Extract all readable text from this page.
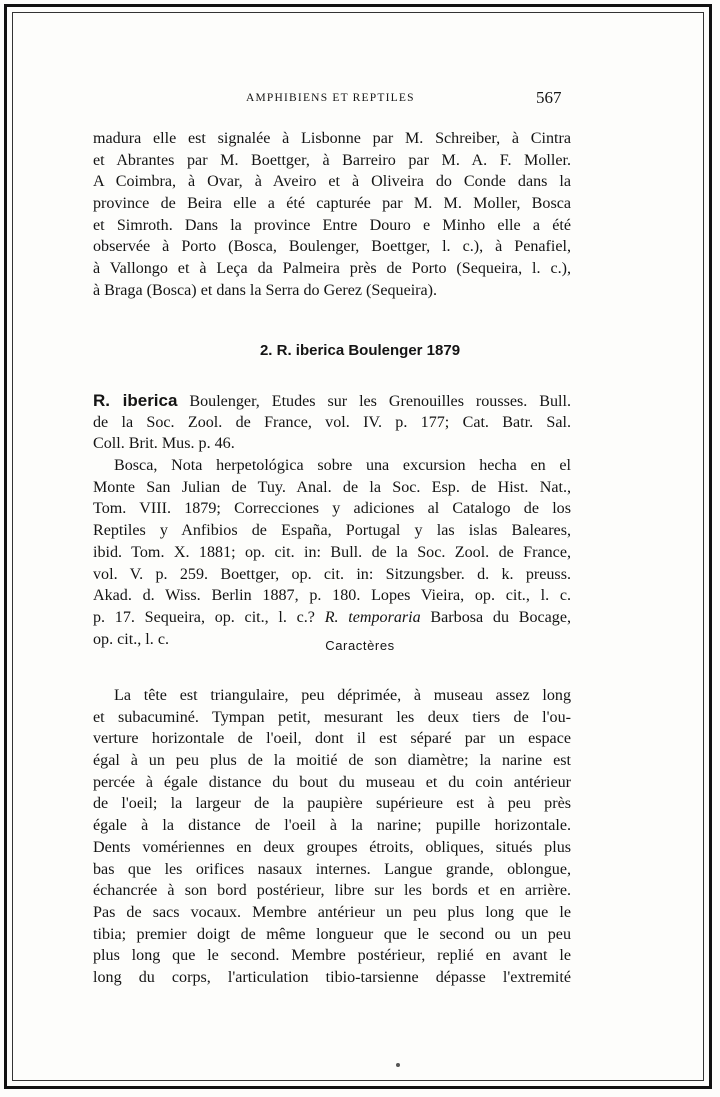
AMPHIBIENS ET REPTILES	567
madura elle est signalée à Lisbonne par M. Schreiber, à Cintra
et Abrantes par M. Boettger, à Barreiro par M. A. F. Moller.
A Coimbra, à Ovar, à Aveiro et à Oliveira do Conde dans la
province de Beira elle a été capturée par M. M. Moller, Bosca
et Simroth. Dans la province Entre Douro e Minho elle a été
observée à Porto (Bosca, Boulenger, Boettger, l. c.), à Penafiel,
à Vallongo et à Leça da Palmeira près de Porto (Sequeira, l. c.),
à Braga (Bosca) et dans la Serra do Gerez (Sequeira).
2. R. iberica Boulenger 1879
R. iberica Boulenger, Etudes sur les Grenouilles rousses. Bull.
de la Soc. Zool. de France, vol. IV. p. 177; Cat. Batr. Sal.
Coll. Brit. Mus. p. 46.
Bosca, Nota herpetológica sobre una excursion hecha en el
Monte San Julian de Tuy. Anal. de la Soc. Esp. de Hist. Nat.,
Tom. VIII. 1879; Correcciones y adiciones al Catalogo de los
Reptiles y Anfibios de España, Portugal y las islas Baleares,
ibid. Tom. X. 1881; op. cit. in: Bull. de la Soc. Zool. de France,
vol. V. p. 259. Boettger, op. cit. in: Sitzungsber. d. k. preuss.
Akad. d. Wiss. Berlin 1887, p. 180. Lopes Vieira, op. cit., l. c.
p. 17. Sequeira, op. cit., l. c.? R. temporaria Barbosa du Bocage,
op. cit., l. c.	Caractères
La tête est triangulaire, peu déprimée, à museau assez long
et subacuminé. Tympan petit, mesurant les deux tiers de l'ou-
verture horizontale de l'oeil, dont il est séparé par un espace
égal à un peu plus de la moitié de son diamètre; la narine est
percée à égale distance du bout du museau et du coin antérieur
de l'oeil; la largeur de la paupière supérieure est à peu près
égale à la distance de l'oeil à la narine; pupille horizontale.
Dents vomériennes en deux groupes étroits, obliques, situés plus
bas que les orifices nasaux internes. Langue grande, oblongue,
échancrée à son bord postérieur, libre sur les bords et en arrière.
Pas de sacs vocaux. Membre antérieur un peu plus long que le
tibia; premier doigt de même longueur que le second ou un peu
plus long que le second. Membre postérieur, replié en avant le
long du corps, l'articulation tibio-tarsienne dépasse l'extremité
